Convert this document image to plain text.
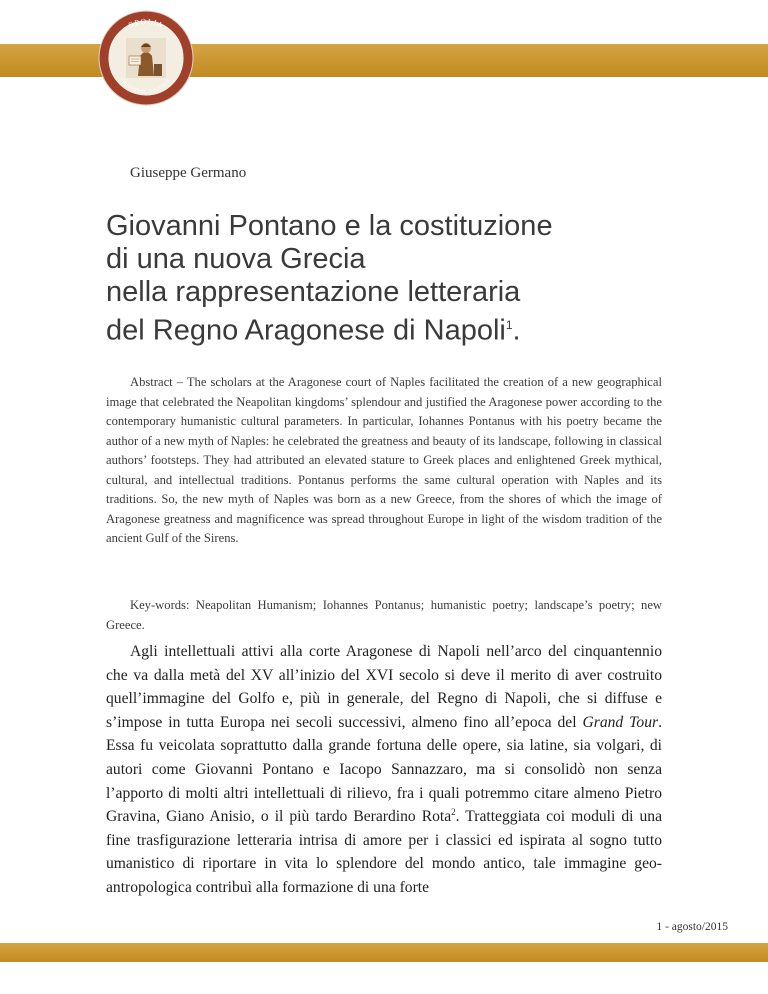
SPOLIA
MEDIEVAL STUDIES
Giuseppe Germano
Giovanni Pontano e la costituzione
di una nuova Grecia
nella rappresentazione letteraria
del Regno Aragonese di Napoli$^1$.

Abstract – The scholars at the Aragonese court of Naples facilitated the creation of a new geographical image that celebrated the Neapolitan kingdoms’ splendour and justified the Aragonese power according to the contemporary humanistic cultural parameters. In particular, Iohannes Pontanus with his poetry became the author of a new myth of Naples: he celebrated the greatness and beauty of its landscape, following in classical authors’ footsteps. They had attributed an elevated stature to Greek places and enlightened Greek mythical, cultural, and intellectual traditions. Pontanus performs the same cultural operation with Naples and its traditions. So, the new myth of Naples was born as a new Greece, from the shores of which the image of Aragonese greatness and magnificence was spread throughout Europe in light of the wisdom tradition of the ancient Gulf of the Sirens.

Key-words: Neapolitan Humanism; Iohannes Pontanus; humanistic poetry; landscape’s poetry; new Greece.

Agli intellettuali attivi alla corte Aragonese di Napoli nell’arco del cinquantennio che va dalla metà del XV all’inizio del XVI secolo si deve il merito di aver costruito quell’immagine del Golfo e, più in generale, del Regno di Napoli, che si diffuse e s’impose in tutta Europa nei secoli successivi, almeno fino all’epoca del Grand Tour. Essa fu veicolata soprattutto dalla grande fortuna delle opere, sia latine, sia volgari, di autori come Giovanni Pontano e Iacopo Sannazzaro, ma si consolidò non senza l’apporto di molti altri intellettuali di rilievo, fra i quali potremmo citare almeno Pietro Gravina, Giano Anisio, o il più tardo Berardino Rota$^2$. Tratteggiata coi moduli di una fine trasfigurazione letteraria intrisa di amore per i classici ed ispirata al sogno tutto umanistico di riportare in vita lo splendore del mondo antico, tale immagine geo-antropologica contribuì alla formazione di una forte

1 - agosto/2015
